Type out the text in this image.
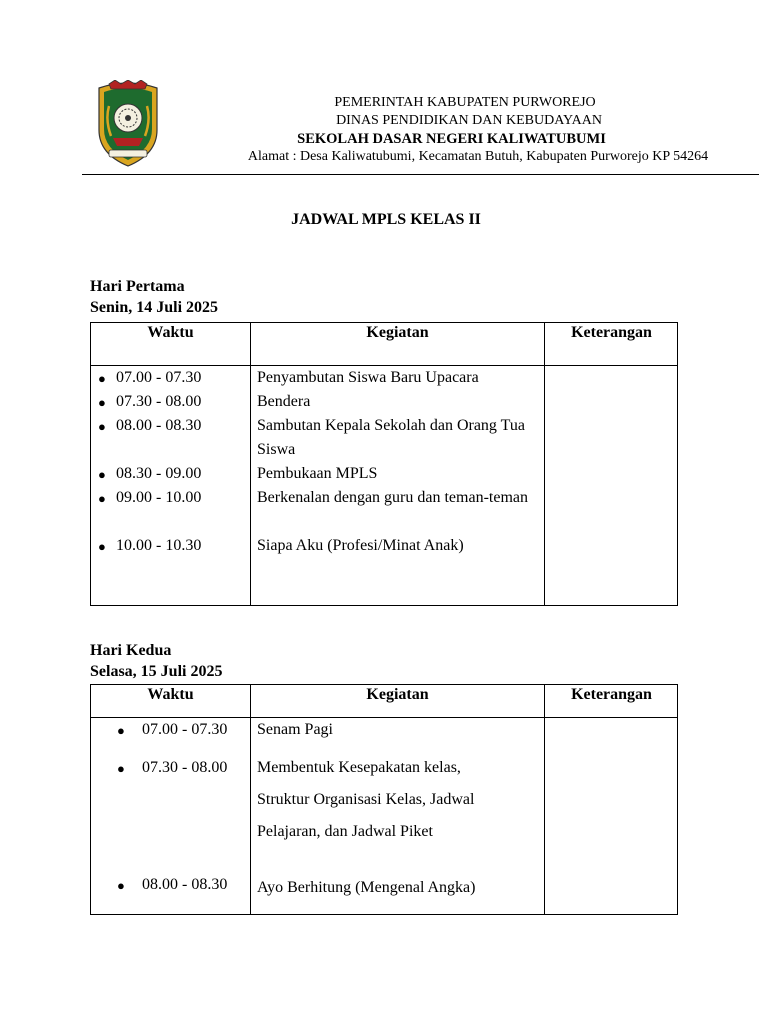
PEMERINTAH KABUPATEN PURWOREJO
DINAS PENDIDIKAN DAN KEBUDAYAAN
SEKOLAH DASAR NEGERI KALIWATUBUMI
Alamat : Desa Kaliwatubumi, Kecamatan Butuh, Kabupaten Purworejo KP 54264
JADWAL MPLS KELAS II
Hari Pertama
Senin, 14 Juli 2025
Waktu	Kegiatan	Keterangan
● 07.00 - 07.30	Penyambutan Siswa Baru Upacara
● 07.30 - 08.00	Bendera
● 08.00 - 08.30	Sambutan Kepala Sekolah dan Orang Tua Siswa
● 08.30 - 09.00	Pembukaan MPLS
● 09.00 - 10.00	Berkenalan dengan guru dan teman-teman
● 10.00 - 10.30	Siapa Aku (Profesi/Minat Anak)
Hari Kedua
Selasa, 15 Juli 2025
Waktu	Kegiatan	Keterangan
● 07.00 - 07.30	Senam Pagi
● 07.30 - 08.00	Membentuk Kesepakatan kelas, Struktur Organisasi Kelas, Jadwal Pelajaran, dan Jadwal Piket
● 08.00 - 08.30	Ayo Berhitung (Mengenal Angka)
